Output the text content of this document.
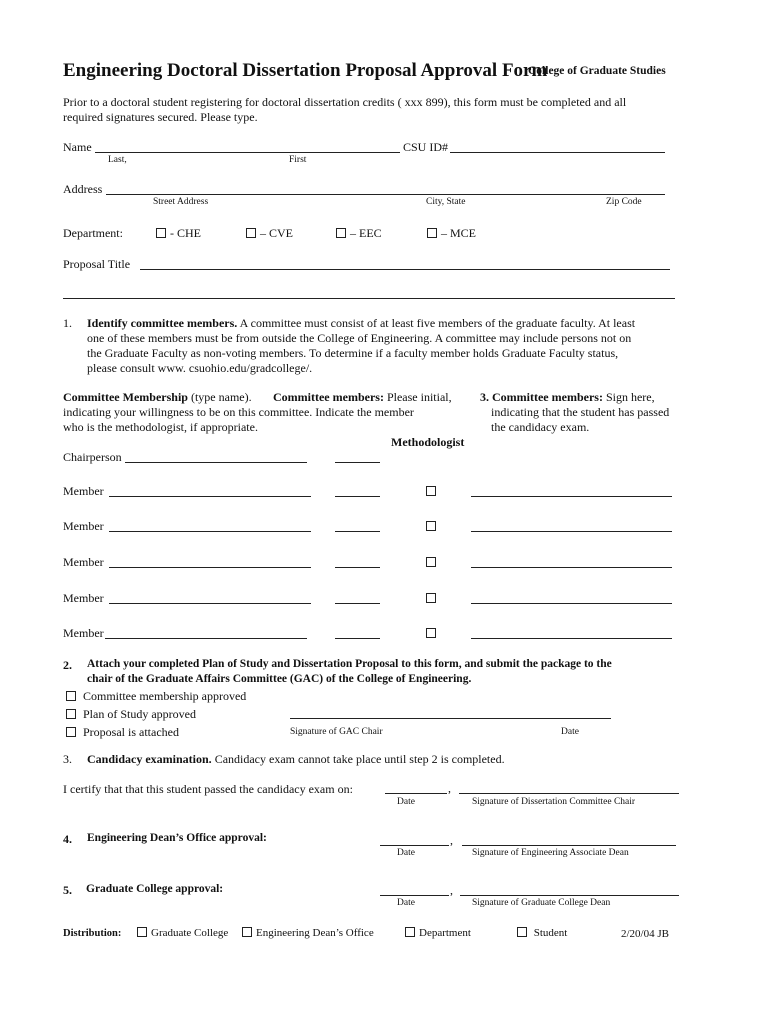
Engineering Doctoral Dissertation Proposal Approval Form
College of Graduate Studies
Prior to a doctoral student registering for doctoral dissertation credits ( xxx 899), this form must be completed and all
required signatures secured. Please type.
Name	CSU ID#
Last,	First
Address
Street Address	City, State	Zip Code
Department:	- CHE	– CVE	– EEC	– MCE
Proposal Title
1. Identify committee members. A committee must consist of at least five members of the graduate faculty. At least
one of these members must be from outside the College of Engineering. A committee may include persons not on
the Graduate Faculty as non-voting members. To determine if a faculty member holds Graduate Faculty status,
please consult www. csuohio.edu/gradcollege/.
Committee Membership (type name). Committee members: Please initial,
indicating your willingness to be on this committee. Indicate the member
who is the methodologist, if appropriate.
3. Committee members: Sign here,
indicating that the student has passed
the candidacy exam.
Methodologist
Chairperson
Member
Member
Member
Member
Member
2. Attach your completed Plan of Study and Dissertation Proposal to this form, and submit the package to the
chair of the Graduate Affairs Committee (GAC) of the College of Engineering.
Committee membership approved
Plan of Study approved
Proposal is attached	Signature of GAC Chair	Date
3. Candidacy examination. Candidacy exam cannot take place until step 2 is completed.
I certify that that this student passed the candidacy exam on:	,
Date	Signature of Dissertation Committee Chair
4. Engineering Dean’s Office approval:	,
Date	Signature of Engineering Associate Dean
5. Graduate College approval:	,
Date	Signature of Graduate College Dean
Distribution:	Graduate College	Engineering Dean’s Office	Department	Student	2/20/04 JB
